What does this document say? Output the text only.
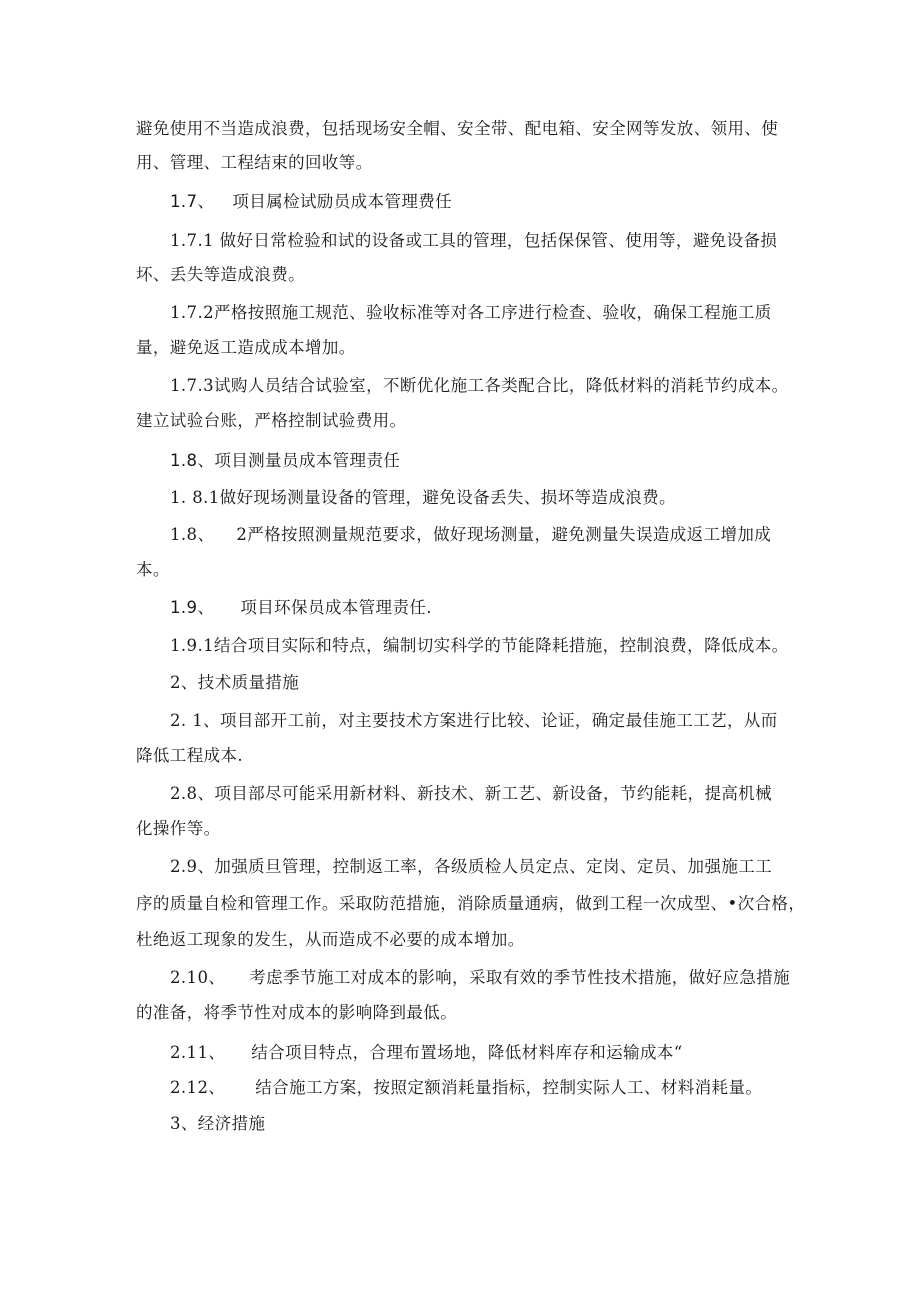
避免使用不当造成浪费，包括现场安全帽、安全带、配电箱、安全网等发放、领用、使
用、管理、工程结束的回收等。
1.7、 项目属检试励员成本管理费任
1.7.1 做好日常检验和试的设备或工具的管理，包括保保管、使用等，避免设备损
坏、丢失等造成浪费。
1.7.2严格按照施工规范、验收标准等对各工序进行检查、验收，确保工程施工质
量，避免返工造成成本增加。
1.7.3试购人员结合试验室，不断优化施工各类配合比，降低材料的消耗节约成本。
建立试验台账，严格控制试验费用。
1.8、项目测量员成本管理责任
1. 8.1做好现场测量设备的管理，避免设备丢失、损坏等造成浪费。
1.8、 2严格按照测量规范要求，做好现场测量，避免测量失误造成返工增加成
本。
1.9、 项目环保员成本管理责任.
1.9.1结合项目实际和特点，编制切实科学的节能降耗措施，控制浪费，降低成本。
2、技术质量措施
2. 1、项目部开工前，对主要技术方案进行比较、论证，确定最佳施工工艺，从而
降低工程成本.
2.8、项目部尽可能采用新材料、新技术、新工艺、新设备，节约能耗，提高机械
化操作等。
2.9、加强质旦管理，控制返工率，各级质检人员定点、定岗、定员、加强施工工
序的质量自检和管理工作。采取防范措施，消除质量通病，做到工程一次成型、•次合格，
杜绝返工现象的发生，从而造成不必要的成本增加。
2.10、 考虑季节施工对成本的影响，采取有效的季节性技术措施，做好应急措施
的准备，将季节性对成本的影响降到最低。
2.11、 结合项目特点，合理布置场地，降低材料库存和运输成本“
2.12、 结合施工方案，按照定额消耗量指标，控制实际人工、材料消耗量。
3、经济措施
